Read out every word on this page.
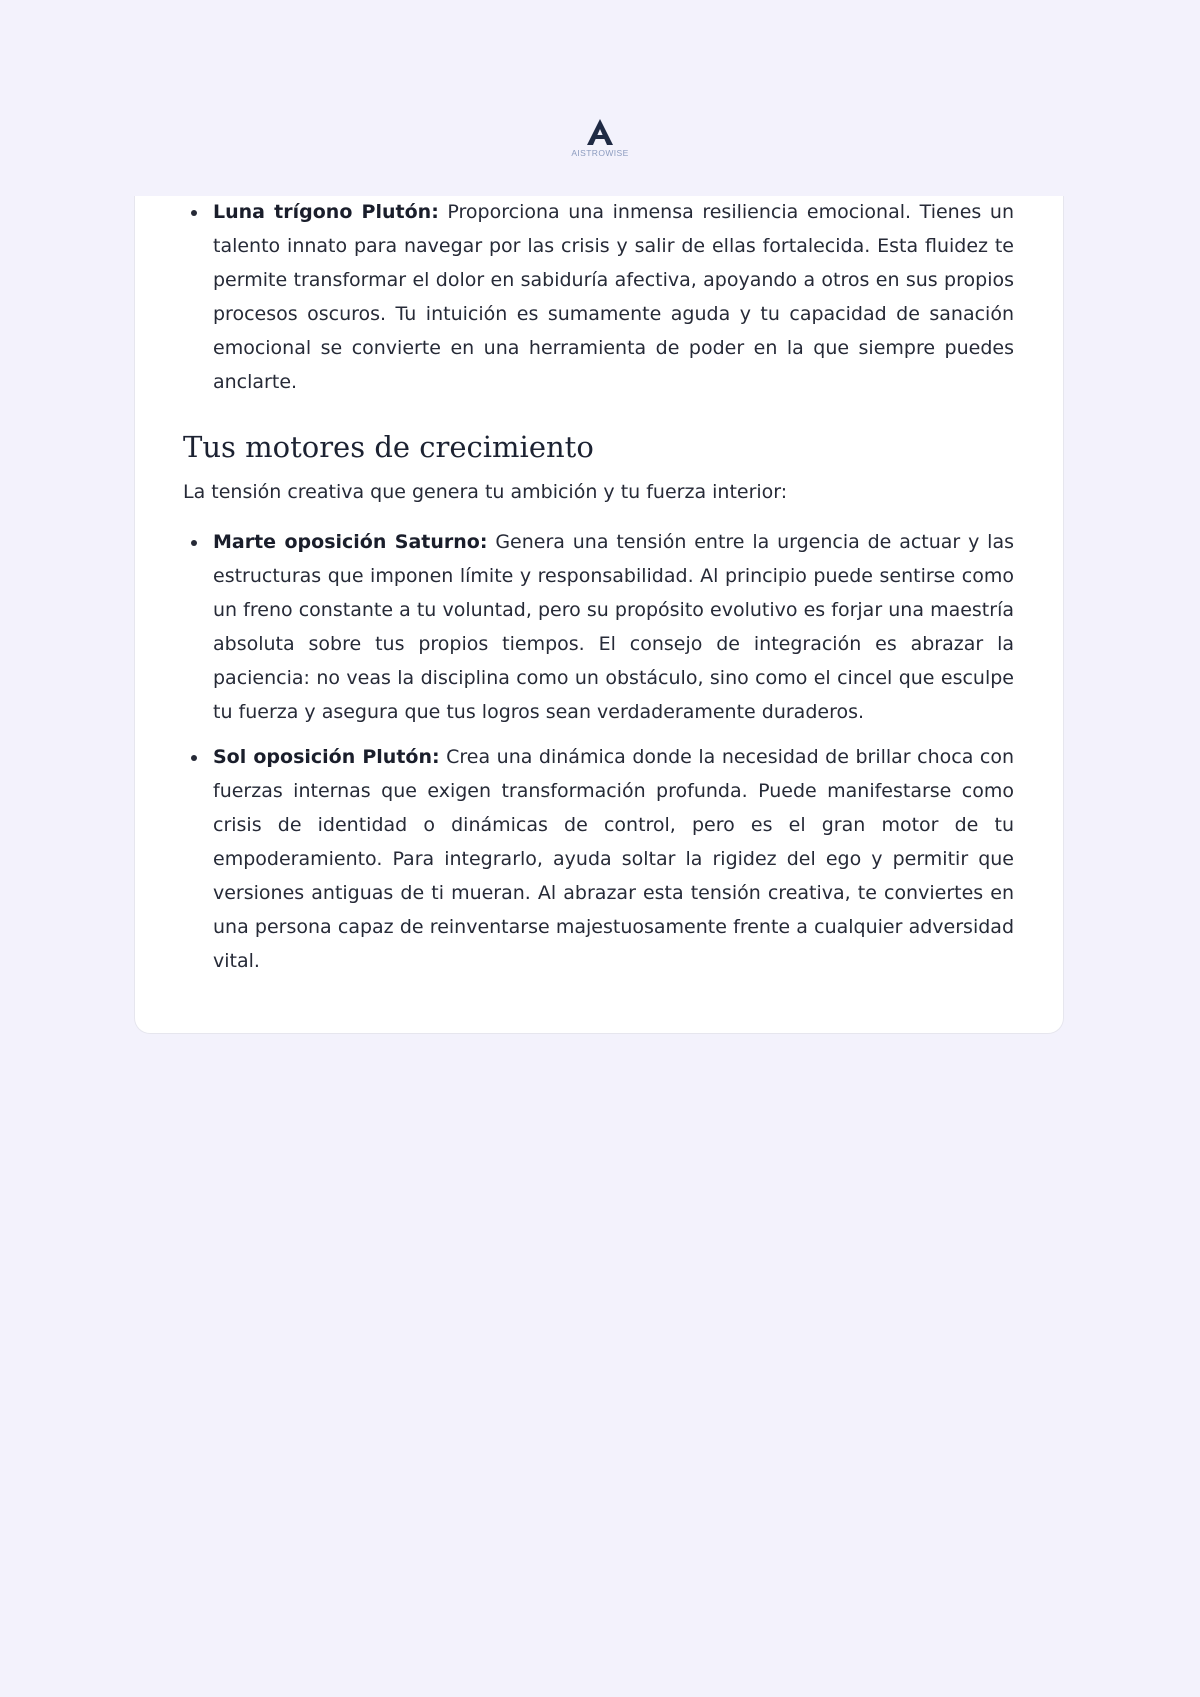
AISTROWISE
Luna trígono Plutón: Proporciona una inmensa resiliencia emocional. Tienes un talento innato para navegar por las crisis y salir de ellas fortalecida. Esta fluidez te permite transformar el dolor en sabiduría afectiva, apoyando a otros en sus propios procesos oscuros. Tu intuición es sumamente aguda y tu capacidad de sanación emocional se convierte en una herramienta de poder en la que siempre puedes anclarte.
Tus motores de crecimiento

La tensión creativa que genera tu ambición y tu fuerza interior:

Marte oposición Saturno: Genera una tensión entre la urgencia de actuar y las estructuras que imponen límite y responsabilidad. Al principio puede sentirse como un freno constante a tu voluntad, pero su propósito evolutivo es forjar una maestría absoluta sobre tus propios tiempos. El consejo de integración es abrazar la paciencia: no veas la disciplina como un obstáculo, sino como el cincel que esculpe tu fuerza y asegura que tus logros sean verdaderamente duraderos.
Sol oposición Plutón: Crea una dinámica donde la necesidad de brillar choca con fuerzas internas que exigen transformación profunda. Puede manifestarse como crisis de identidad o dinámicas de control, pero es el gran motor de tu empoderamiento. Para integrarlo, ayuda soltar la rigidez del ego y permitir que versiones antiguas de ti mueran. Al abrazar esta tensión creativa, te conviertes en una persona capaz de reinventarse majestuosamente frente a cualquier adversidad vital.
